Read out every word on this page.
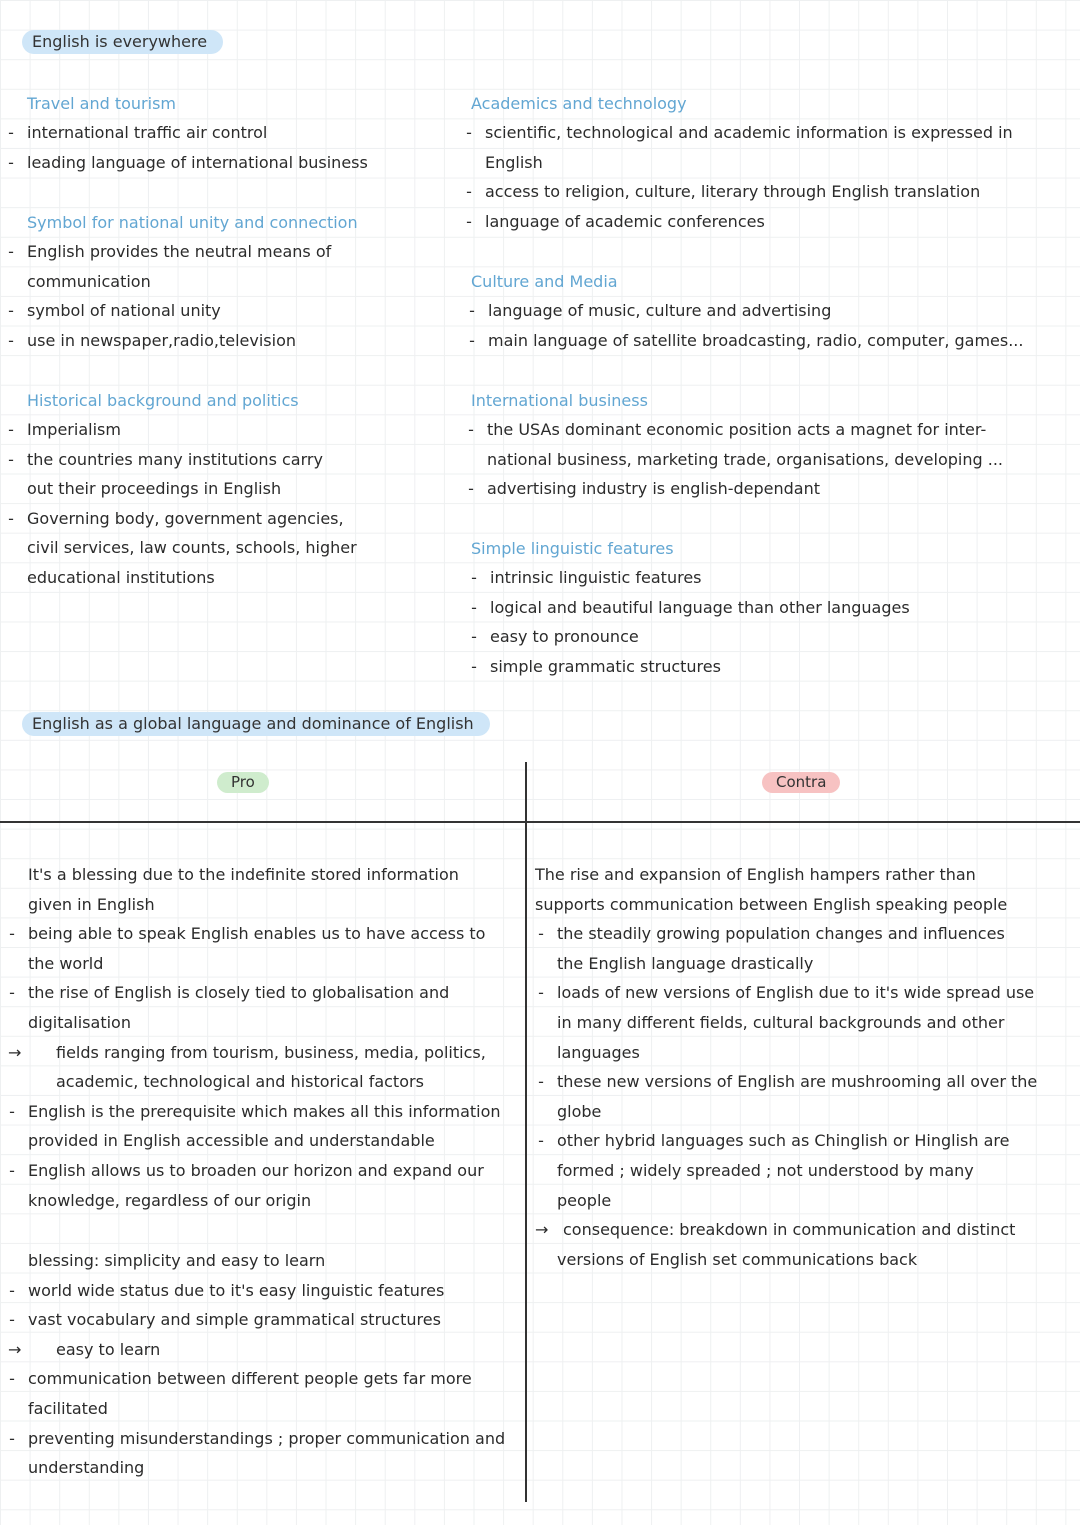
English is everywhere
Travel and tourism
- international traffic air control
- leading language of international business
Symbol for national unity and connection
- English provides the neutral means of
communication
- symbol of national unity
- use in newspaper,radio,television
Historical background and politics
- Imperialism
- the countries many institutions carry
out their proceedings in English
- Governing body, government agencies,
civil services, law counts, schools, higher
educational institutions
Academics and technology
- scientific, technological and academic information is expressed in
English
- access to religion, culture, literary through English translation
- language of academic conferences
Culture and Media
- language of music, culture and advertising
- main language of satellite broadcasting, radio, computer, games...
International business
- the USAs dominant economic position acts a magnet for inter-
national business, marketing trade, organisations, developing ...
- advertising industry is english-dependant
Simple linguistic features
- intrinsic linguistic features
- logical and beautiful language than other languages
- easy to pronounce
- simple grammatic structures
English as a global language and dominance of English
Pro	Contra
It's a blessing due to the indefinite stored information
given in English
- being able to speak English enables us to have access to
the world
- the rise of English is closely tied to globalisation and
digitalisation
→ fields ranging from tourism, business, media, politics,
academic, technological and historical factors
- English is the prerequisite which makes all this information
provided in English accessible and understandable
- English allows us to broaden our horizon and expand our
knowledge, regardless of our origin
blessing: simplicity and easy to learn
- world wide status due to it's easy linguistic features
- vast vocabulary and simple grammatical structures
→ easy to learn
- communication between different people gets far more
facilitated
- preventing misunderstandings ; proper communication and
understanding
The rise and expansion of English hampers rather than
supports communication between English speaking people
- the steadily growing population changes and influences
the English language drastically
- loads of new versions of English due to it's wide spread use
in many different fields, cultural backgrounds and other
languages
- these new versions of English are mushrooming all over the
globe
- other hybrid languages such as Chinglish or Hinglish are
formed ; widely spreaded ; not understood by many
people
→ consequence: breakdown in communication and distinct
versions of English set communications back
